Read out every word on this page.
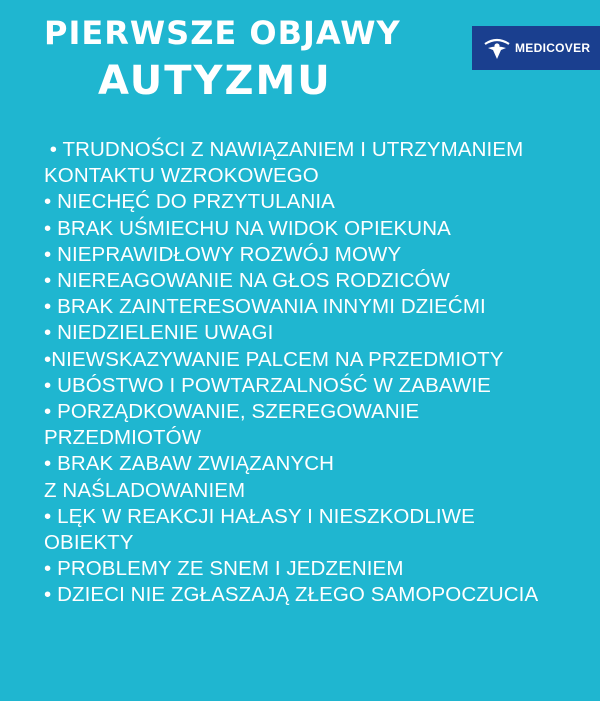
PIERWSZE OBJAWY
AUTYZMU
MEDICOVER
• TRUDNOŚCI Z NAWIĄZANIEM I UTRZYMANIEM
KONTAKTU WZROKOWEGO
• NIECHĘĆ DO PRZYTULANIA
• BRAK UŚMIECHU NA WIDOK OPIEKUNA
• NIEPRAWIDŁOWY ROZWÓJ MOWY
• NIEREAGOWANIE NA GŁOS RODZICÓW
• BRAK ZAINTERESOWANIA INNYMI DZIEĆMI
• NIEDZIELENIE UWAGI
•NIEWSKAZYWANIE PALCEM NA PRZEDMIOTY
• UBÓSTWO I POWTARZALNOŚĆ W ZABAWIE
• PORZĄDKOWANIE, SZEREGOWANIE
PRZEDMIOTÓW
• BRAK ZABAW ZWIĄZANYCH
Z NAŚLADOWANIEM
• LĘK W REAKCJI HAŁASY I NIESZKODLIWE
OBIEKTY
• PROBLEMY ZE SNEM I JEDZENIEM
• DZIECI NIE ZGŁASZAJĄ ZŁEGO SAMOPOCZUCIA
